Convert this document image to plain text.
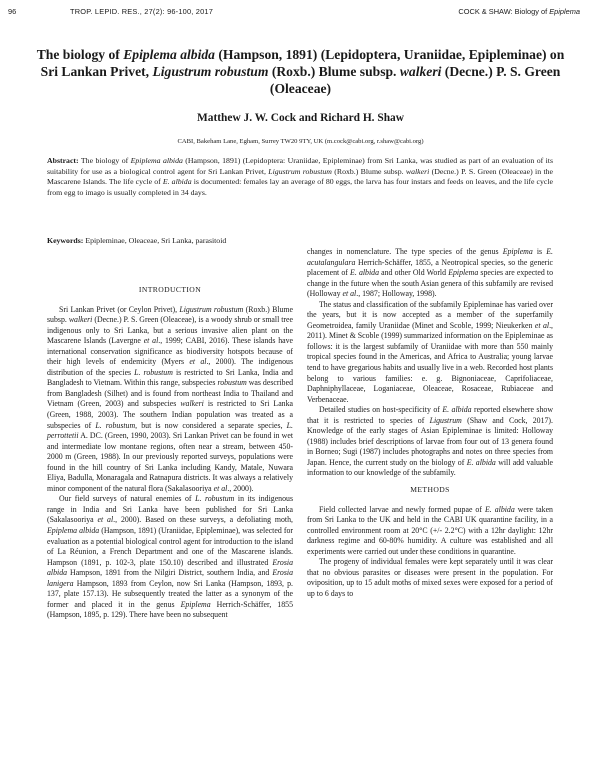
96	TROP. LEPID. RES., 27(2): 96-100, 2017	COCK & SHAW: Biology of Epiplema
The biology of Epiplema albida (Hampson, 1891) (Lepidoptera, Uraniidae, Epipleminae) on Sri Lankan Privet, Ligustrum robustum (Roxb.) Blume subsp. walkeri (Decne.) P. S. Green (Oleaceae)
Matthew J. W. Cock and Richard H. Shaw
CABI, Bakeham Lane, Egham, Surrey TW20 9TY, UK (m.cock@cabi.org, r.shaw@cabi.org)
Abstract: The biology of Epiplema albida (Hampson, 1891) (Lepidoptera: Uraniidae, Epipleminae) from Sri Lanka, was studied as part of an evaluation of its suitability for use as a biological control agent for Sri Lankan Privet, Ligustrum robustum (Roxb.) Blume subsp. walkeri (Decne.) P. S. Green (Oleaceae) in the Mascarene Islands. The life cycle of E. albida is documented: females lay an average of 80 eggs, the larva has four instars and feeds on leaves, and the life cycle from egg to imago is usually completed in 34 days.
Keywords: Epipleminae, Oleaceae, Sri Lanka, parasitoid
INTRODUCTION

Sri Lankan Privet (or Ceylon Privet), Ligustrum robustum (Roxb.) Blume subsp. walkeri (Decne.) P. S. Green (Oleaceae), is a woody shrub or small tree indigenous only to Sri Lanka, but a serious invasive alien plant on the Mascarene Islands (Lavergne et al., 1999; CABI, 2016). These islands have international conservation significance as biodiversity hotspots because of their high levels of endemicity (Myers et al., 2000). The indigenous distribution of the species L. robustum is restricted to Sri Lanka, India and Bangladesh to Vietnam. Within this range, subspecies robustum was described from Bangladesh (Silhet) and is found from northeast India to Thailand and Vietnam (Green, 2003) and subspecies walkeri is restricted to Sri Lanka (Green, 1988, 2003). The southern Indian population was treated as a subspecies of L. robustum, but is now considered a separate species, L. perrottetii A. DC. (Green, 1990, 2003). Sri Lankan Privet can be found in wet and intermediate low montane regions, often near a stream, between 450-2000 m (Green, 1988). In our previously reported surveys, populations were found in the hill country of Sri Lanka including Kandy, Matale, Nuwara Eliya, Badulla, Monaragala and Ratnapura districts. It was always a relatively minor component of the natural flora (Sakalasooriya et al., 2000).

Our field surveys of natural enemies of L. robustum in its indigenous range in India and Sri Lanka have been published for Sri Lanka (Sakalasooriya et al., 2000). Based on these surveys, a defoliating moth, Epiplema albida (Hampson, 1891) (Uraniidae, Epipleminae), was selected for evaluation as a potential biological control agent for introduction to the island of La Réunion, a French Department and one of the Mascarene islands. Hampson (1891, p. 102-3, plate 150.10) described and illustrated Erosia albida Hampson, 1891 from the Nilgiri District, southern India, and Erosia lanigera Hampson, 1893 from Ceylon, now Sri Lanka (Hampson, 1893, p. 137, plate 157.13). He subsequently treated the latter as a synonym of the former and placed it in the genus Epiplema Herrich-Schäffer, 1855 (Hampson, 1895, p. 129). There have been no subsequent

changes in nomenclature. The type species of the genus Epiplema is E. acutalangulara Herrich-Schäffer, 1855, a Neotropical species, so the generic placement of E. albida and other Old World Epiplema species are expected to change in the future when the south Asian genera of this subfamily are revised (Holloway et al., 1987; Holloway, 1998).

The status and classification of the subfamily Epipleminae has varied over the years, but it is now accepted as a member of the superfamily Geometroidea, family Uraniidae (Minet and Scoble, 1999; Nieukerken et al., 2011). Minet & Scoble (1999) summarized information on the Epipleminae as follows: it is the largest subfamily of Uraniidae with more than 550 mainly tropical species found in the Americas, and Africa to Australia; young larvae tend to have gregarious habits and usually live in a web. Recorded host plants belong to various families: e. g. Bignoniaceae, Caprifoliaceae, Daphniphyllaceae, Loganiaceae, Oleaceae, Rosaceae, Rubiaceae and Verbenaceae.

Detailed studies on host-specificity of E. albida reported elsewhere show that it is restricted to species of Ligustrum (Shaw and Cock, 2017). Knowledge of the early stages of Asian Epipleminae is limited: Holloway (1988) includes brief descriptions of larvae from four out of 13 genera found in Borneo; Sugi (1987) includes photographs and notes on three species from Japan. Hence, the current study on the biology of E. albida will add valuable information to our knowledge of the subfamily.

METHODS

Field collected larvae and newly formed pupae of E. albida were taken from Sri Lanka to the UK and held in the CABI UK quarantine facility, in a controlled environment room at 20°C (+/- 2.2°C) with a 12hr daylight: 12hr darkness regime and 60-80% humidity. A culture was established and all experiments were carried out under these conditions in quarantine.

The progeny of individual females were kept separately until it was clear that no obvious parasites or diseases were present in the population. For oviposition, up to 15 adult moths of mixed sexes were exposed for a period of up to 6 days to
